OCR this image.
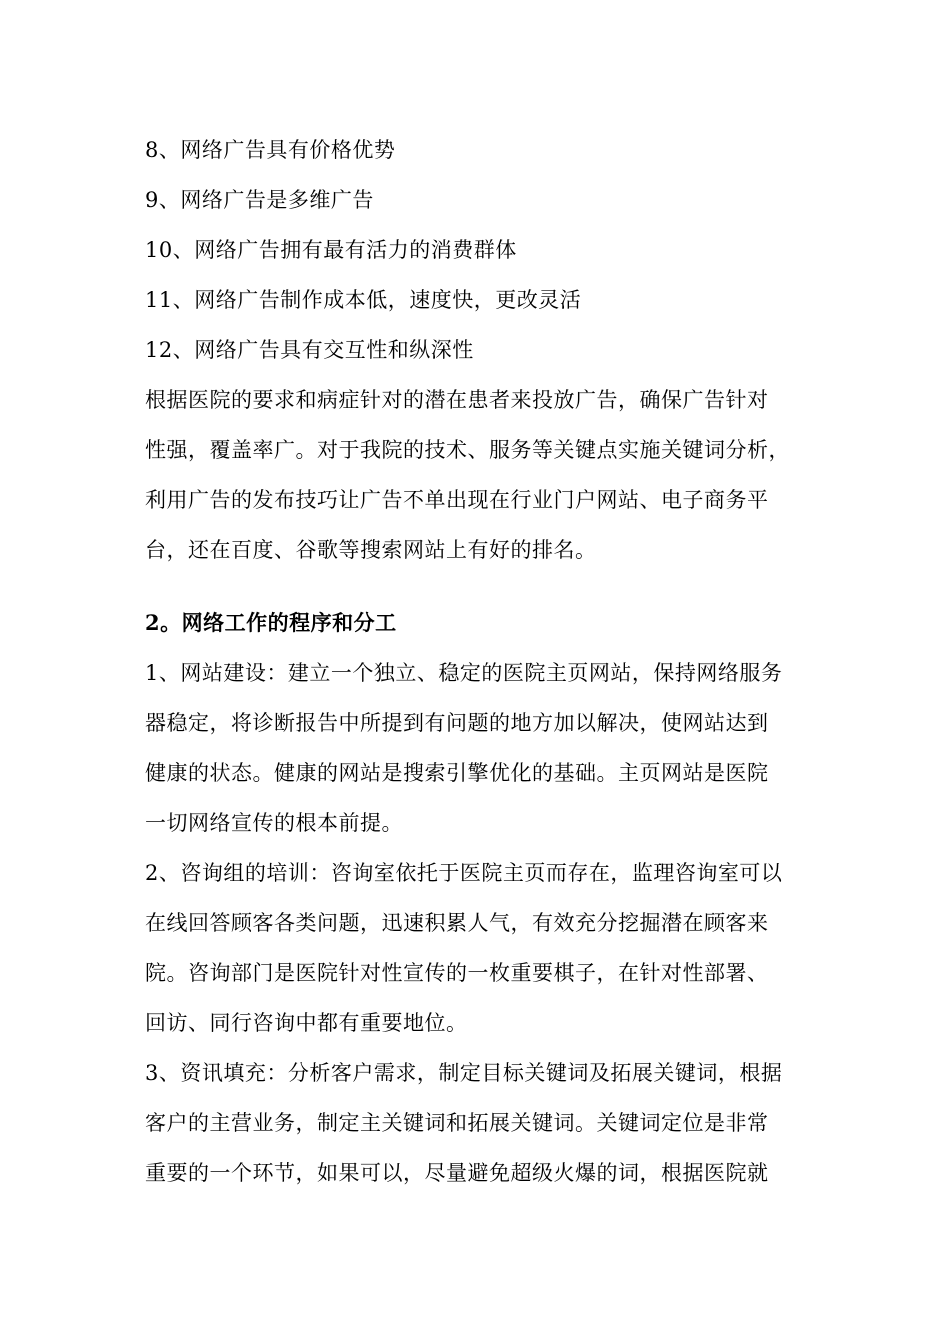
8、网络广告具有价格优势
9、网络广告是多维广告
10、网络广告拥有最有活力的消费群体
11、网络广告制作成本低，速度快，更改灵活
12、网络广告具有交互性和纵深性
根据医院的要求和病症针对的潜在患者来投放广告，确保广告针对
性强，覆盖率广。对于我院的技术、服务等关键点实施关键词分析，
利用广告的发布技巧让广告不单出现在行业门户网站、电子商务平
台，还在百度、谷歌等搜索网站上有好的排名。
2。网络工作的程序和分工
1、网站建设：建立一个独立、稳定的医院主页网站，保持网络服务
器稳定，将诊断报告中所提到有问题的地方加以解决，使网站达到
健康的状态。健康的网站是搜索引擎优化的基础。主页网站是医院
一切网络宣传的根本前提。
2、咨询组的培训：咨询室依托于医院主页而存在，监理咨询室可以
在线回答顾客各类问题，迅速积累人气，有效充分挖掘潜在顾客来
院。咨询部门是医院针对性宣传的一枚重要棋子，在针对性部署、
回访、同行咨询中都有重要地位。
3、资讯填充：分析客户需求，制定目标关键词及拓展关键词，根据
客户的主营业务，制定主关键词和拓展关键词。关键词定位是非常
重要的一个环节，如果可以，尽量避免超级火爆的词，根据医院就
